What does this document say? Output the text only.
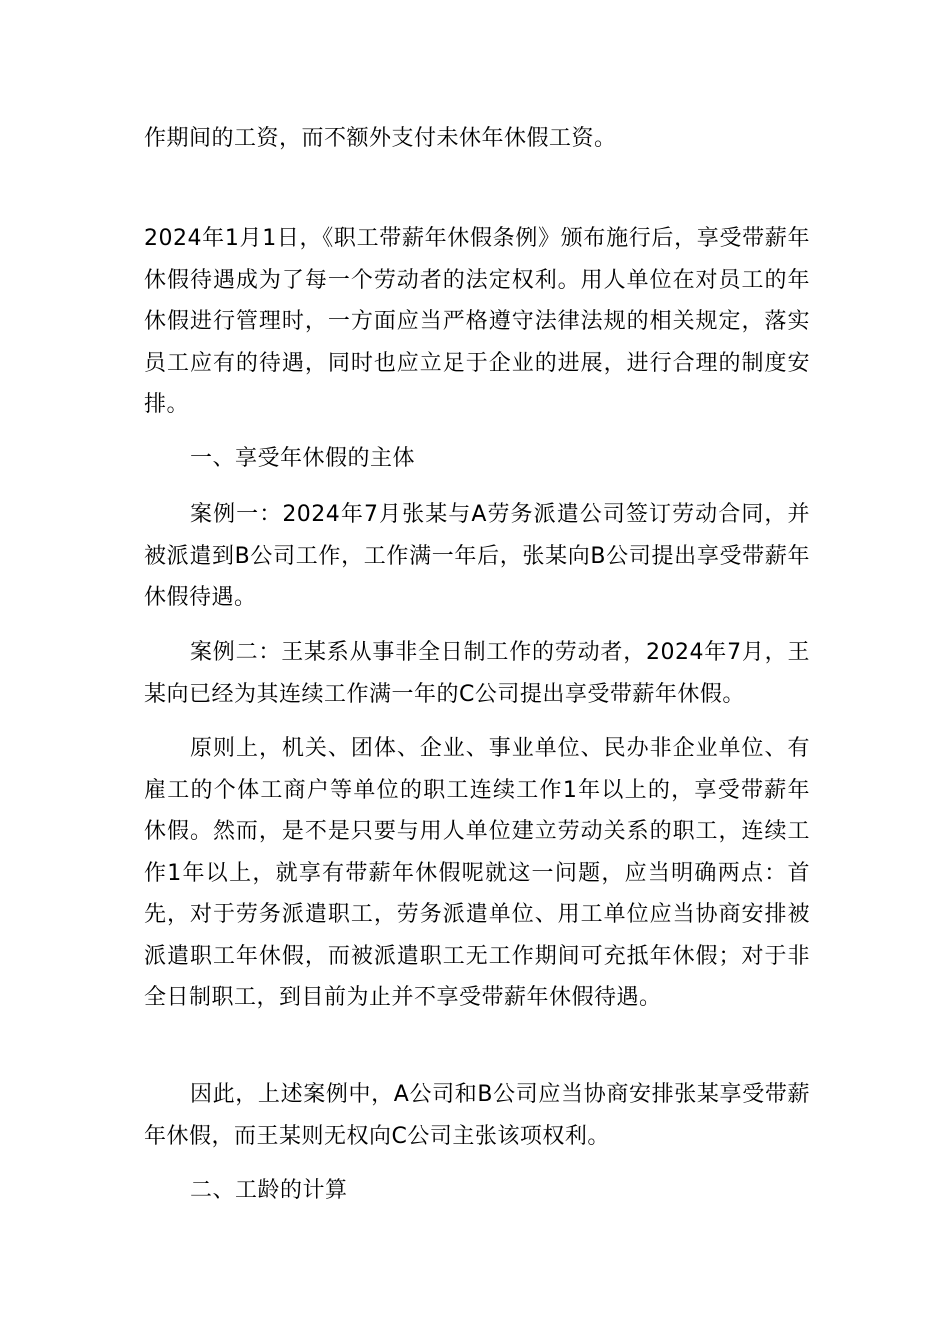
作期间的工资，而不额外支付未休年休假工资。

2024年1月1日，《职工带薪年休假条例》颁布施行后，享受带薪年休假待遇成为了每一个劳动者的法定权利。用人单位在对员工的年休假进行管理时，一方面应当严格遵守法律法规的相关规定，落实员工应有的待遇，同时也应立足于企业的进展，进行合理的制度安排。

一、享受年休假的主体

案例一：2024年7月张某与A劳务派遣公司签订劳动合同，并被派遣到B公司工作，工作满一年后，张某向B公司提出享受带薪年休假待遇。

案例二：王某系从事非全日制工作的劳动者，2024年7月，王某向已经为其连续工作满一年的C公司提出享受带薪年休假。

原则上，机关、团体、企业、事业单位、民办非企业单位、有雇工的个体工商户等单位的职工连续工作1年以上的，享受带薪年休假。然而，是不是只要与用人单位建立劳动关系的职工，连续工作1年以上，就享有带薪年休假呢就这一问题，应当明确两点：首先，对于劳务派遣职工，劳务派遣单位、用工单位应当协商安排被派遣职工年休假，而被派遣职工无工作期间可充抵年休假；对于非全日制职工，到目前为止并不享受带薪年休假待遇。

因此，上述案例中，A公司和B公司应当协商安排张某享受带薪年休假，而王某则无权向C公司主张该项权利。

二、工龄的计算
